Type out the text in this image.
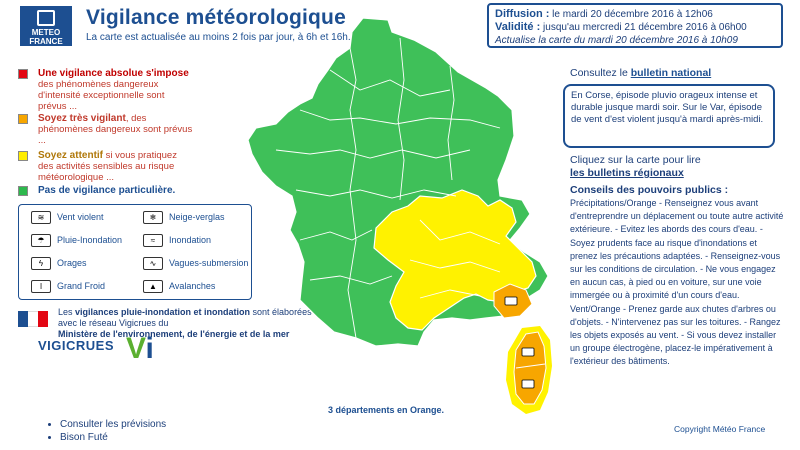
METEO
FRANCE
Vigilance météorologique
La carte est actualisée au moins 2 fois par jour, à 6h et 16h.
Diffusion : le mardi 20 décembre 2016 à 12h06
Validité : jusqu'au mercredi 21 décembre 2016 à 06h00
Actualise la carte du mardi 20 décembre 2016 à 10h09
Une vigilance absolue s'impose
des phénomènes dangereux d'intensité exceptionnelle sont prévus ...
Soyez très vigilant, des phénomènes dangereux sont prévus ...
Soyez attentif si vous pratiquez des activités sensibles au risque météorologique ...
Pas de vigilance particulière.
≋ Vent violent	❄ Neige-verglas
☂ Pluie-Inondation	≈ Inondation
ϟ Orages	∿ Vagues-submersion
ǀ Grand Froid	▲ Avalanches
Les vigilances pluie-inondation et inondation sont élaborées avec le réseau Vigicrues du
Ministère de l'environnement, de l'énergie et de la mer
VIGICRUES Vi
3 départements en Orange.
• Consulter les prévisions
• Bison Futé
Consultez le bulletin national
En Corse, épisode pluvio orageux intense et durable jusque mardi soir. Sur le Var, épisode de vent d'est violent jusqu'à mardi après-midi.
Cliquez sur la carte pour lire
les bulletins régionaux
Conseils des pouvoirs publics :
Précipitations/Orange - Renseignez vous avant d'entreprendre un déplacement ou toute autre activité extérieure. - Evitez les abords des cours d'eau. - Soyez prudents face au risque d'inondations et prenez les précautions adaptées. - Renseignez-vous sur les conditions de circulation. - Ne vous engagez en aucun cas, à pied ou en voiture, sur une voie immergée ou à proximité d'un cours d'eau. Vent/Orange - Prenez garde aux chutes d'arbres ou d'objets. - N'intervenez pas sur les toitures. - Rangez les objets exposés au vent. - Si vous devez installer un groupe électrogène, placez-le impérativement à l'extérieur des bâtiments.
Copyright Météo France
